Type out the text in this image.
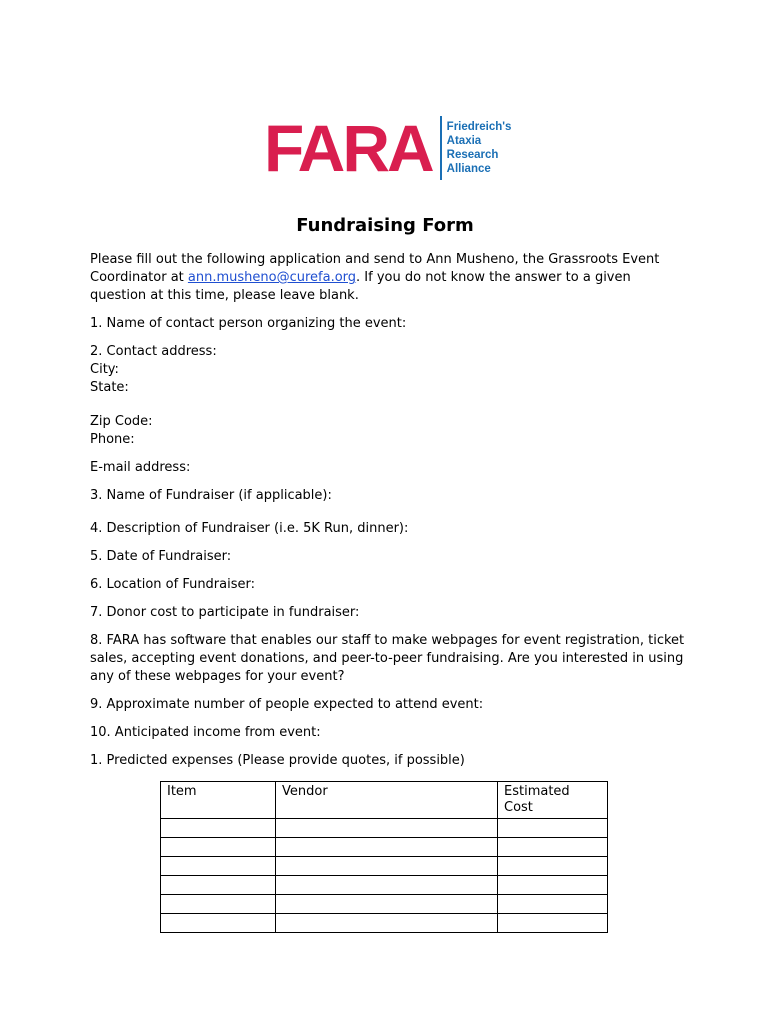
FARA Friedreich's
Ataxia
Research
Alliance
Fundraising Form

Please fill out the following application and send to Ann Musheno, the Grassroots Event Coordinator at ann.musheno@curefa.org. If you do not know the answer to a given question at this time, please leave blank.

1. Name of contact person organizing the event:

2. Contact address:
City:
State:
Zip Code:
Phone:

E-mail address:

3. Name of Fundraiser (if applicable):

4. Description of Fundraiser (i.e. 5K Run, dinner):

5. Date of Fundraiser:

6. Location of Fundraiser:

7. Donor cost to participate in fundraiser:

8. FARA has software that enables our staff to make webpages for event registration, ticket sales, accepting event donations, and peer-to-peer fundraising. Are you interested in using any of these webpages for your event?

9. Approximate number of people expected to attend event:

10. Anticipated income from event:

1. Predicted expenses (Please provide quotes, if possible)

Item	Vendor	Estimated Cost
